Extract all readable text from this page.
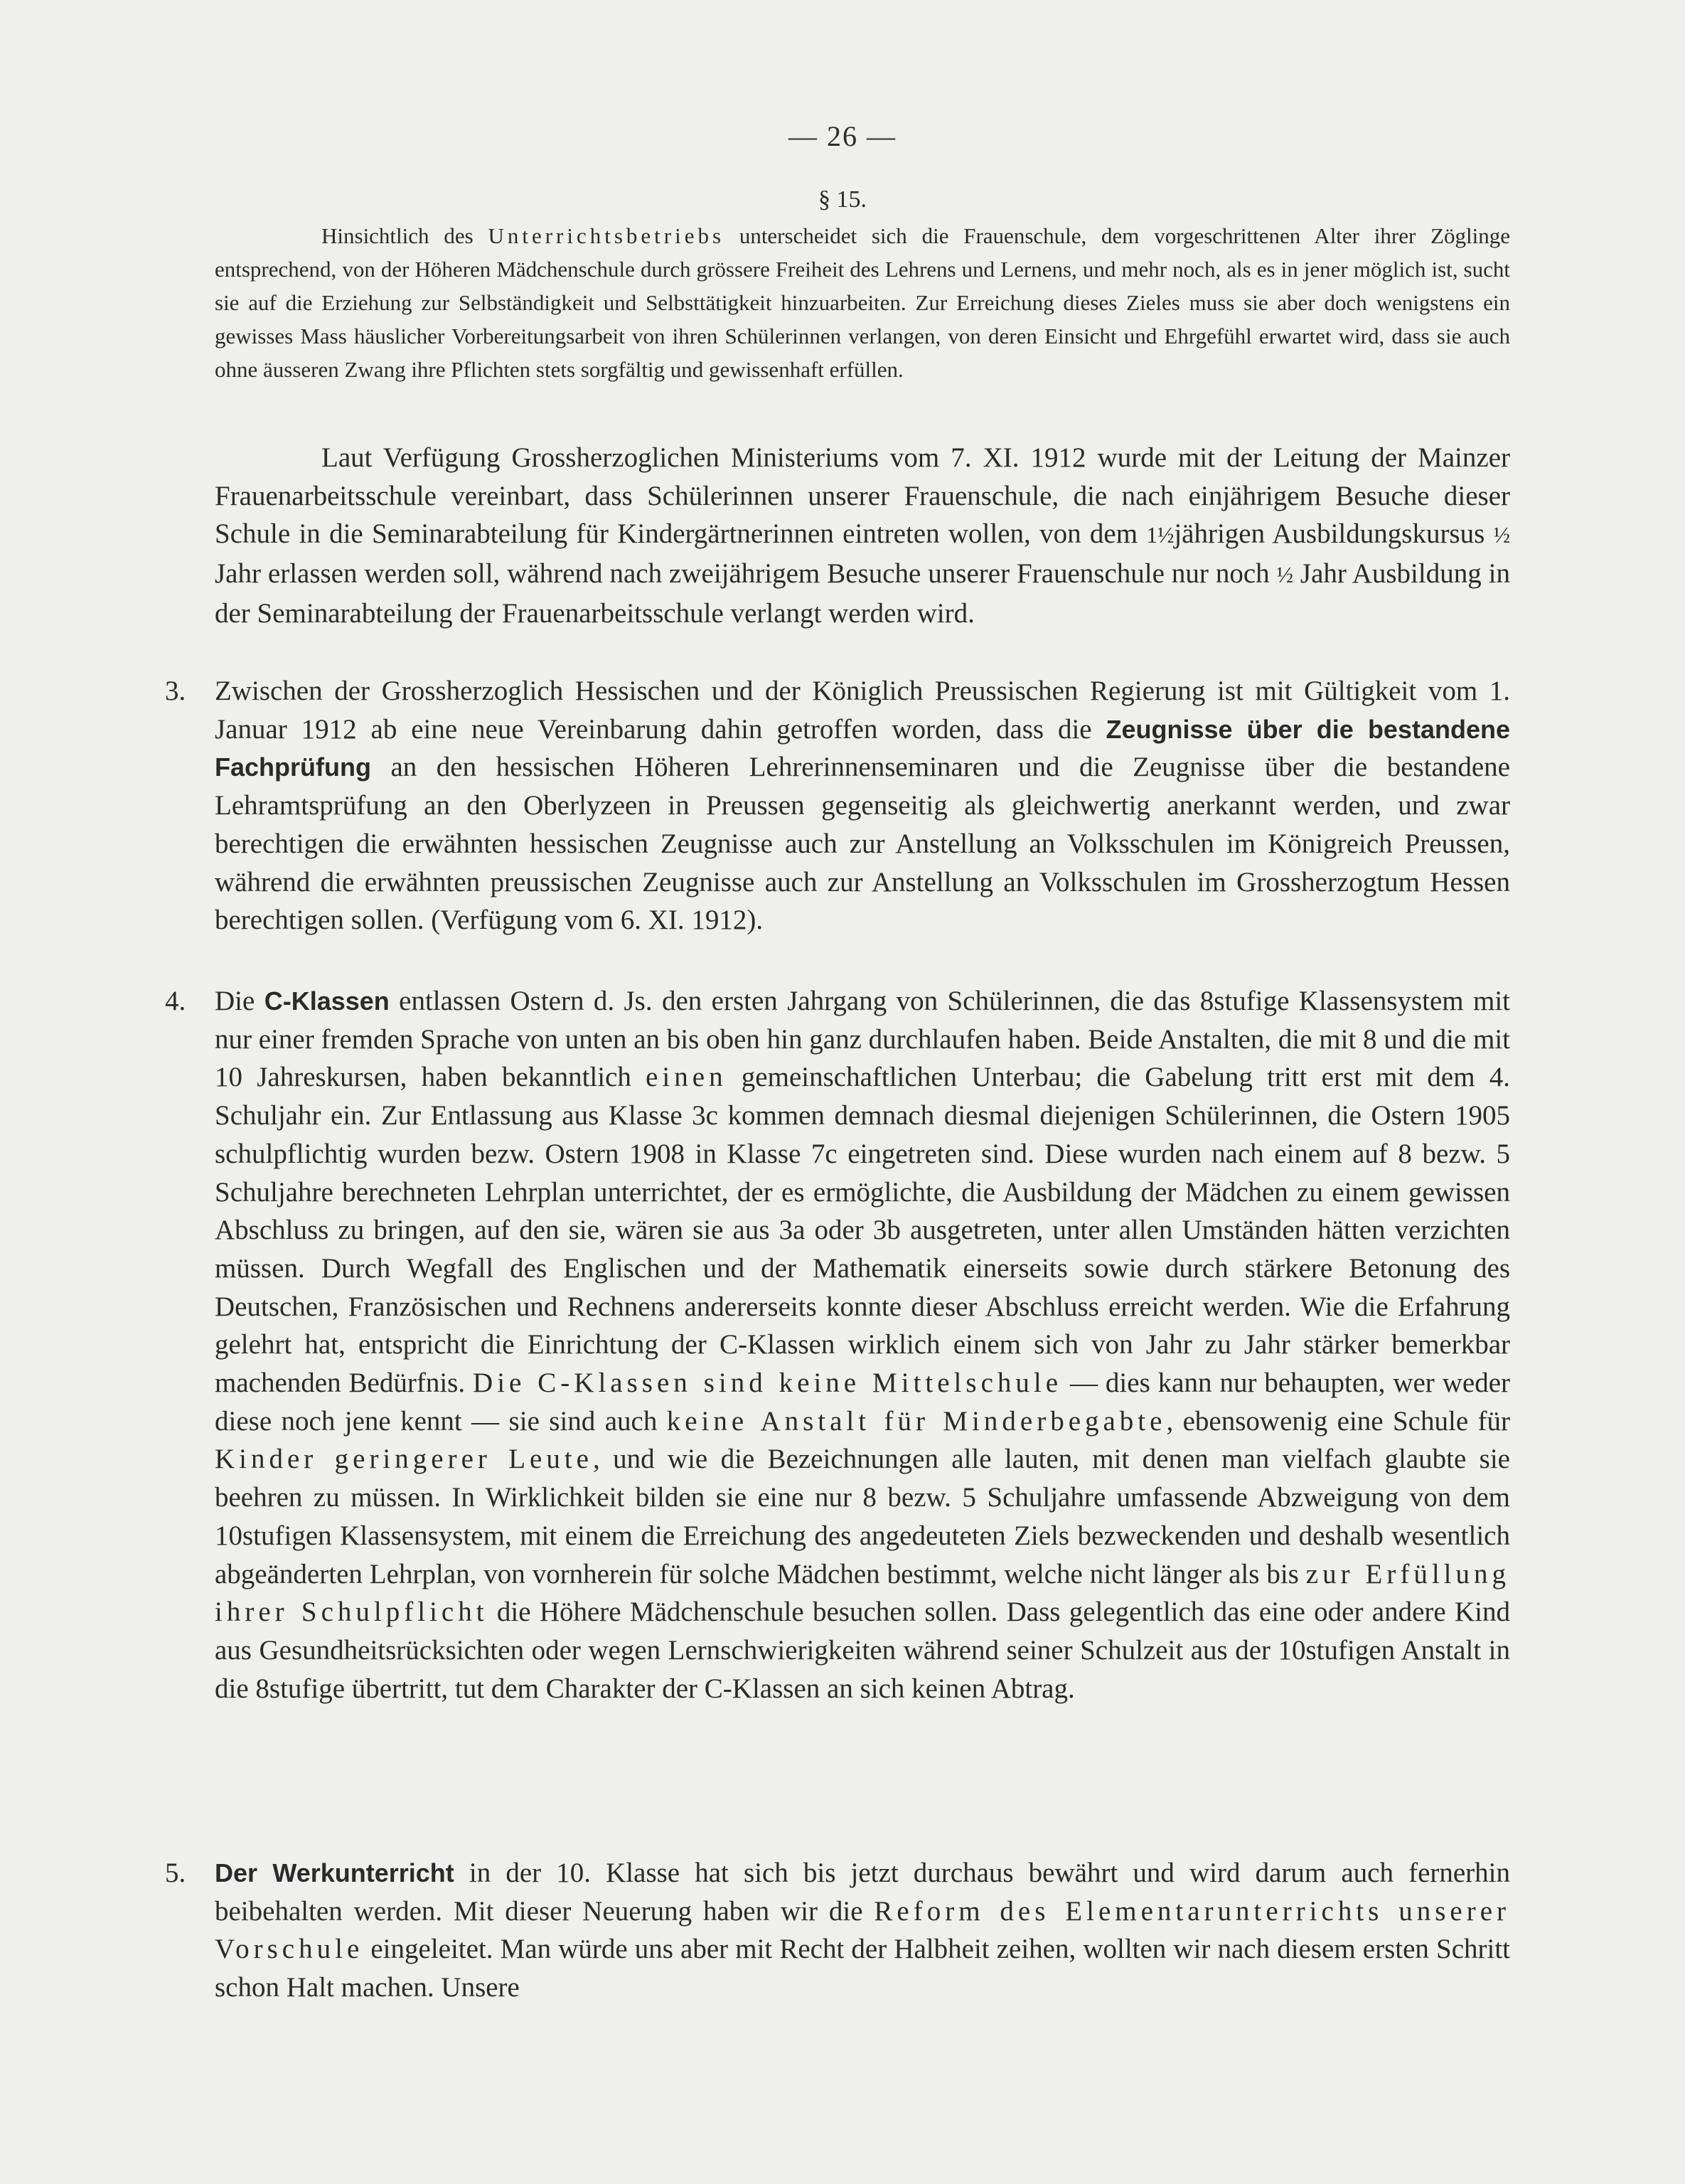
— 26 —
§ 15.
Hinsichtlich des Unterrichtsbetriebs unterscheidet sich die Frauenschule, dem vorgeschrittenen Alter ihrer Zöglinge entsprechend, von der Höheren Mädchenschule durch grössere Freiheit des Lehrens und Lernens, und mehr noch, als es in jener möglich ist, sucht sie auf die Erziehung zur Selbständigkeit und Selbsttätigkeit hinzuarbeiten. Zur Erreichung dieses Zieles muss sie aber doch wenigstens ein gewisses Mass häuslicher Vorbereitungsarbeit von ihren Schülerinnen verlangen, von deren Einsicht und Ehrgefühl erwartet wird, dass sie auch ohne äusseren Zwang ihre Pflichten stets sorgfältig und gewissenhaft erfüllen.

Laut Verfügung Grossherzoglichen Ministeriums vom 7. XI. 1912 wurde mit der Leitung der Mainzer Frauenarbeitsschule vereinbart, dass Schülerinnen unserer Frauenschule, die nach einjährigem Besuche dieser Schule in die Seminarabteilung für Kindergärtnerinnen eintreten wollen, von dem 1½jährigen Ausbildungskursus ½ Jahr erlassen werden soll, während nach zweijährigem Besuche unserer Frauenschule nur noch ½ Jahr Ausbildung in der Seminarabteilung der Frauenarbeitsschule verlangt werden wird.

3. Zwischen der Grossherzoglich Hessischen und der Königlich Preussischen Regierung ist mit Gültigkeit vom 1. Januar 1912 ab eine neue Vereinbarung dahin getroffen worden, dass die Zeugnisse über die bestandene Fachprüfung an den hessischen Höheren Lehrerinnenseminaren und die Zeugnisse über die bestandene Lehramtsprüfung an den Oberlyzeen in Preussen gegenseitig als gleichwertig anerkannt werden, und zwar berechtigen die erwähnten hessischen Zeugnisse auch zur Anstellung an Volksschulen im Königreich Preussen, während die erwähnten preussischen Zeugnisse auch zur Anstellung an Volksschulen im Grossherzogtum Hessen berechtigen sollen. (Verfügung vom 6. XI. 1912).
4. Die C-Klassen entlassen Ostern d. Js. den ersten Jahrgang von Schülerinnen, die das 8stufige Klassensystem mit nur einer fremden Sprache von unten an bis oben hin ganz durchlaufen haben. Beide Anstalten, die mit 8 und die mit 10 Jahreskursen, haben bekanntlich einen gemeinschaftlichen Unterbau; die Gabelung tritt erst mit dem 4. Schuljahr ein. Zur Entlassung aus Klasse 3c kommen demnach diesmal diejenigen Schülerinnen, die Ostern 1905 schulpflichtig wurden bezw. Ostern 1908 in Klasse 7c eingetreten sind. Diese wurden nach einem auf 8 bezw. 5 Schuljahre berechneten Lehrplan unterrichtet, der es ermöglichte, die Ausbildung der Mädchen zu einem gewissen Abschluss zu bringen, auf den sie, wären sie aus 3a oder 3b ausgetreten, unter allen Umständen hätten verzichten müssen. Durch Wegfall des Englischen und der Mathematik einerseits sowie durch stärkere Betonung des Deutschen, Französischen und Rechnens andererseits konnte dieser Abschluss erreicht werden. Wie die Erfahrung gelehrt hat, entspricht die Einrichtung der C-Klassen wirklich einem sich von Jahr zu Jahr stärker bemerkbar machenden Bedürfnis. Die C-Klassen sind keine Mittelschule — dies kann nur behaupten, wer weder diese noch jene kennt — sie sind auch keine Anstalt für Minderbegabte, ebensowenig eine Schule für Kinder geringerer Leute, und wie die Bezeichnungen alle lauten, mit denen man vielfach glaubte sie beehren zu müssen. In Wirklichkeit bilden sie eine nur 8 bezw. 5 Schuljahre umfassende Abzweigung von dem 10stufigen Klassensystem, mit einem die Erreichung des angedeuteten Ziels bezweckenden und deshalb wesentlich abgeänderten Lehrplan, von vornherein für solche Mädchen bestimmt, welche nicht länger als bis zur Erfüllung ihrer Schulpflicht die Höhere Mädchenschule besuchen sollen. Dass gelegentlich das eine oder andere Kind aus Gesundheitsrücksichten oder wegen Lernschwierigkeiten während seiner Schulzeit aus der 10stufigen Anstalt in die 8stufige übertritt, tut dem Charakter der C-Klassen an sich keinen Abtrag.
5. Der Werkunterricht in der 10. Klasse hat sich bis jetzt durchaus bewährt und wird darum auch fernerhin beibehalten werden. Mit dieser Neuerung haben wir die Reform des Elementarunterrichts unserer Vorschule eingeleitet. Man würde uns aber mit Recht der Halbheit zeihen, wollten wir nach diesem ersten Schritt schon Halt machen. Unsere
